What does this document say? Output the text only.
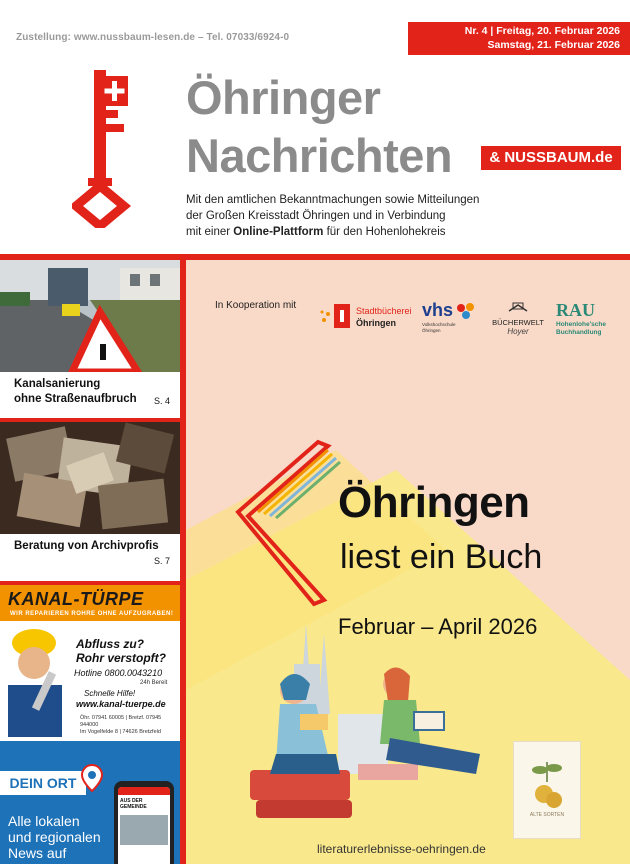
Zustellung: www.nussbaum-lesen.de – Tel. 07033/6924-0
Nr. 4 | Freitag, 20. Februar 2026
Samstag, 21. Februar 2026
Öhringer
Nachrichten	& NUSSBAUM.de
Mit den amtlichen Bekanntmachungen sowie Mitteilungen
der Großen Kreisstadt Öhringen und in Verbindung
mit einer Online-Plattform für den Hohenlohekreis
Kanalsanierung
ohne Straßenaufbruch S. 4
Beratung von Archivprofis
S. 7
KANAL-TÜRPE
WIR REPARIEREN ROHRE OHNE AUFZUGRABEN!
Abfluss zu?
Rohr verstopft?
Hotline 0800.0043210
24h Bereit
Schnelle Hilfe!
www.kanal-tuerpe.de
Öhr. 07941 60005 | Bretzf. 07945 944000
Im Vogelfelde 8 | 74626 Bretzfeld
DEIN ORT
Alle lokalen
und regionalen
News auf
AUS DER GEMEINDE
In Kooperation mit	Stadtbücherei
Öhringen
vhs
Volkshochschule
Öhringen
BÜCHERWELT
Hoyer
RAU
Hohenlohe'sche
Buchhandlung
Öhringen
liest ein Buch
Februar – April 2026
ALTE SORTEN
literaturerlebnisse-oehringen.de
